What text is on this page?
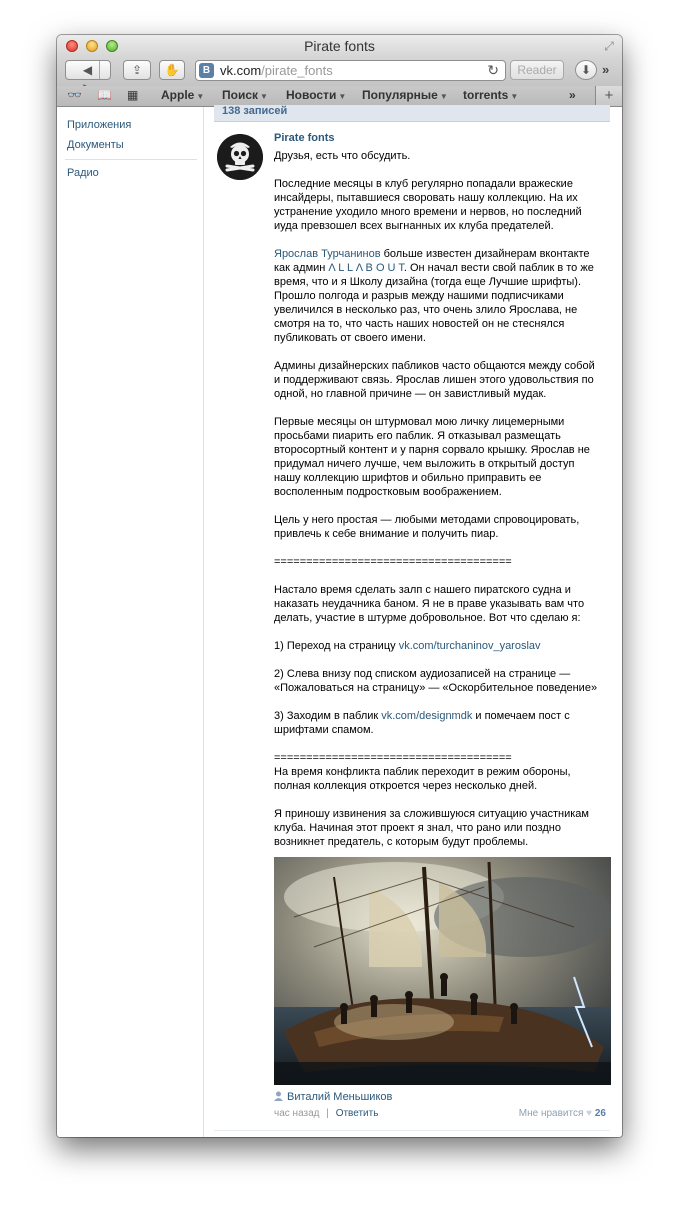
Pirate fonts	⤢
◀	⇪	✋	B vk.com/pirate_fonts	↻	Reader	⬇ »
👓 📖 ▦ Apple ▼ Поиск ▼ Новости ▼ Популярные ▼ torrents ▼	»	+
Приложения
Документы
Радио
138 записей
Pirate fonts
Друзья, есть что обсудить.
Последние месяцы в клуб регулярно попадали вражеские инсайдеры, пытавшиеся своровать нашу коллекцию. На их устранение уходило много времени и нервов, но последний иуда превзошел всех выгнанных их клуба предателей.
Ярослав Турчанинов больше известен дизайнерам вконтакте как админ Λ L L Λ B O U T. Он начал вести свой паблик в то же время, что и я Школу дизайна (тогда еще Лучшие шрифты). Прошло полгода и разрыв между нашими подписчиками увеличился в несколько раз, что очень злило Ярослава, не смотря на то, что часть наших новостей он не стеснялся публиковать от своего имени.
Админы дизайнерских пабликов часто общаются между собой и поддерживают связь. Ярослав лишен этого удовольствия по одной, но главной причине — он завистливый мудак.
Первые месяцы он штурмовал мою личку лицемерными просьбами пиарить его паблик. Я отказывал размещать второсортный контент и у парня сорвало крышку. Ярослав не придумал ничего лучше, чем выложить в открытый доступ нашу коллекцию шрифтов и обильно приправить ее восполенным подростковым воображением.
Цель у него простая — любыми методами спровоцировать, привлечь к себе внимание и получить пиар.
=====================================
Настало время сделать залп с нашего пиратского судна и наказать неудачника баном. Я не в праве указывать вам что делать, участие в штурме добровольное. Вот что сделаю я:
1) Переход на страницу vk.com/turchaninov_yaroslav
2) Слева внизу под списком аудиозаписей на странице — «Пожаловаться на страницу» — «Оскорбительное поведение»
3) Заходим в паблик vk.com/designmdk и помечаем пост с шрифтами спамом.
=====================================
На время конфликта паблик переходит в режим обороны, полная коллекция откроется через несколько дней.
Я приношу извинения за сложившуюся ситуацию участникам клуба. Начиная этот проект я знал, что рано или поздно возникнет предатель, с которым будут проблемы.
Виталий Меньшиков
час назад | Ответить	Мне нравится ♥ 26
